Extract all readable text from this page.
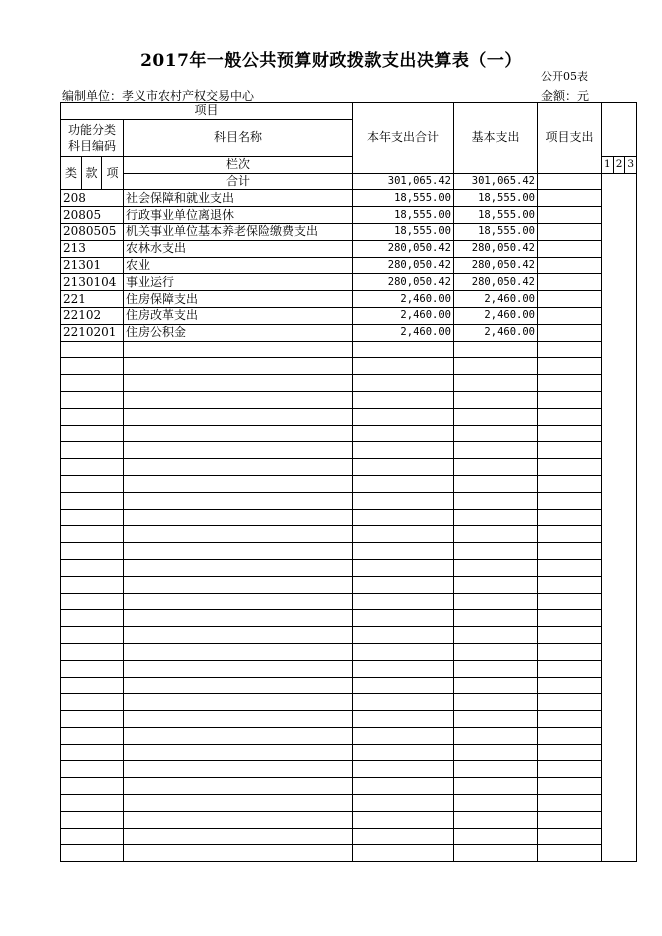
2017年一般公共预算财政拨款支出决算表（一）
公开05表
编制单位：孝义市农村产权交易中心	金额：元
项目				本年支出合计	基本支出	项目支出			
功能分类科目编码			科目名称						

类	款	项	栏次				1	2	3
			合计	301,065.42	301,065.42				
208			社会保障和就业支出	18,555.00	18,555.00				
20805			行政事业单位离退休	18,555.00	18,555.00				
2080505			机关事业单位基本养老保险缴费支出	18,555.00	18,555.00				
213			农林水支出	280,050.42	280,050.42				
21301			农业	280,050.42	280,050.42				
2130104			事业运行	280,050.42	280,050.42				
221			住房保障支出	2,460.00	2,460.00				
22102			住房改革支出	2,460.00	2,460.00				
2210201			住房公积金	2,460.00	2,460.00				
